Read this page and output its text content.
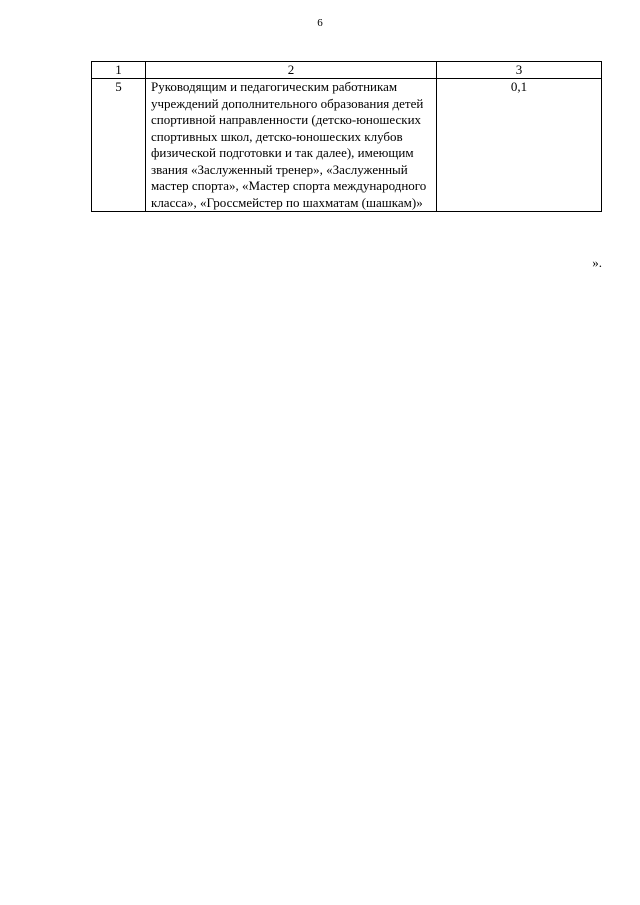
6
1	2	3
5	Руководящим и педагогическим работникам учреждений дополнительного образования детей спортивной направленности (детско-юношеских спортивных школ, детско-юношеских клубов физической подготовки и так далее), имеющим звания «Заслуженный тренер», «Заслуженный мастер спорта», «Мастер спорта международного класса», «Гроссмейстер по шахматам (шашкам)»	0,1
».
